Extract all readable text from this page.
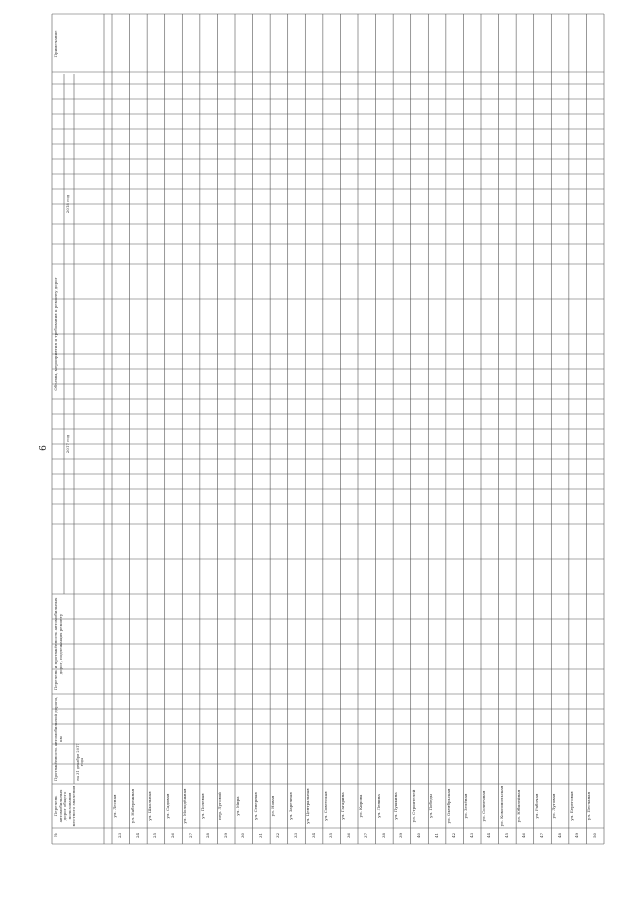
6
№
Перечень автомобильных дорог общего пользования местного значения
Протяжённость автомобильной дороги, км
Перечень и протяжённость автомобильных дорог, подлежащих ремонту
Объемы, мероприятия и требования к ремонту дорог
Примечание
2017 год
2018 год
на 31 декабря 2017 года
23
ул. Лесная
24
ул. Набережная
25
ул. Школьная
26
ул. Садовая
27
ул. Молодёжная
28
ул. Полевая
29
пер. Луговой
30
ул. Мира
31
ул. Северная
32
ул. Новая
33
ул. Заречная
34
ул. Центральная
35
ул. Советская
36
ул. Гагарина
37
ул. Кирова
38
ул. Ленина
39
ул. Пушкина
40
ул. Строителей
41
ул. Победы
42
ул. Октябрьская
43
ул. Зелёная
44
ул. Солнечная
45
ул. Комсомольская
46
ул. Юбилейная
47
ул. Рабочая
48
ул. Луговая
49
ул. Береговая
50
ул. Песчаная
